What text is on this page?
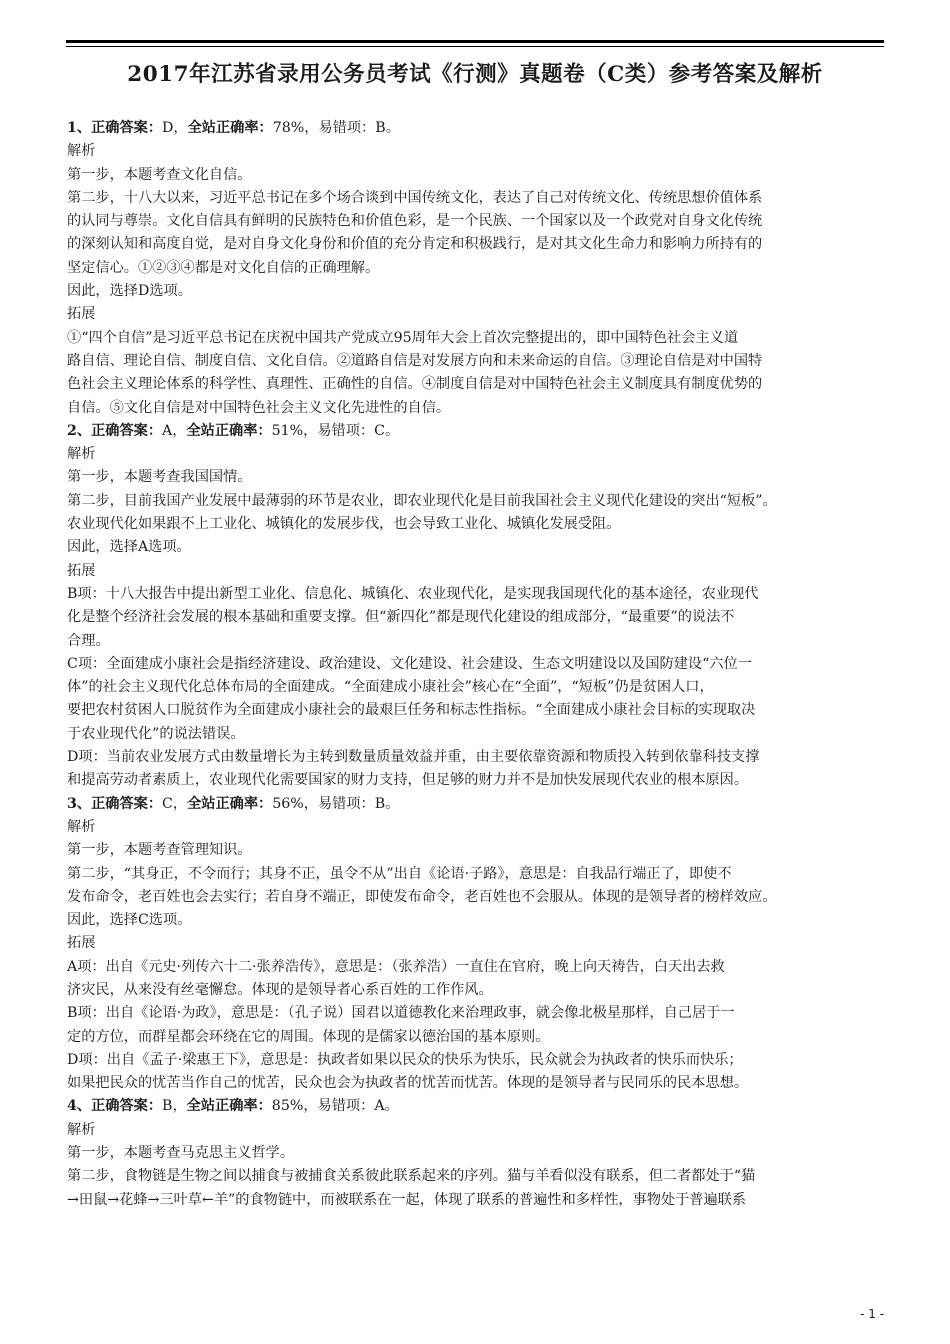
2017年江苏省录用公务员考试《行测》真题卷（C类）参考答案及解析
1、正确答案：D，全站正确率：78%，易错项：B。
解析
第一步，本题考查文化自信。
第二步，十八大以来，习近平总书记在多个场合谈到中国传统文化，表达了自己对传统文化、传统思想价值体系
的认同与尊崇。文化自信具有鲜明的民族特色和价值色彩，是一个民族、一个国家以及一个政党对自身文化传统
的深刻认知和高度自觉，是对自身文化身份和价值的充分肯定和积极践行，是对其文化生命力和影响力所持有的
坚定信心。①②③④都是对文化自信的正确理解。
因此，选择D选项。
拓展
①“四个自信”是习近平总书记在庆祝中国共产党成立95周年大会上首次完整提出的，即中国特色社会主义道
路自信、理论自信、制度自信、文化自信。②道路自信是对发展方向和未来命运的自信。③理论自信是对中国特
色社会主义理论体系的科学性、真理性、正确性的自信。④制度自信是对中国特色社会主义制度具有制度优势的
自信。⑤文化自信是对中国特色社会主义文化先进性的自信。
2、正确答案：A，全站正确率：51%，易错项：C。
解析
第一步，本题考查我国国情。
第二步，目前我国产业发展中最薄弱的环节是农业，即农业现代化是目前我国社会主义现代化建设的突出“短板”。
农业现代化如果跟不上工业化、城镇化的发展步伐，也会导致工业化、城镇化发展受阻。
因此，选择A选项。
拓展
B项：十八大报告中提出新型工业化、信息化、城镇化、农业现代化，是实现我国现代化的基本途径，农业现代
化是整个经济社会发展的根本基础和重要支撑。但“新四化”都是现代化建设的组成部分，“最重要”的说法不
合理。
C项：全面建成小康社会是指经济建设、政治建设、文化建设、社会建设、生态文明建设以及国防建设“六位一
体”的社会主义现代化总体布局的全面建成。“全面建成小康社会”核心在“全面”，“短板”仍是贫困人口，
要把农村贫困人口脱贫作为全面建成小康社会的最艰巨任务和标志性指标。“全面建成小康社会目标的实现取决
于农业现代化”的说法错误。
D项：当前农业发展方式由数量增长为主转到数量质量效益并重，由主要依靠资源和物质投入转到依靠科技支撑
和提高劳动者素质上，农业现代化需要国家的财力支持，但足够的财力并不是加快发展现代农业的根本原因。
3、正确答案：C，全站正确率：56%，易错项：B。
解析
第一步，本题考查管理知识。
第二步，“其身正，不令而行；其身不正，虽令不从”出自《论语·子路》，意思是：自我品行端正了，即使不
发布命令，老百姓也会去实行；若自身不端正，即使发布命令，老百姓也不会服从。体现的是领导者的榜样效应。
因此，选择C选项。
拓展
A项：出自《元史·列传六十二·张养浩传》，意思是：（张养浩）一直住在官府，晚上向天祷告，白天出去救
济灾民，从来没有丝毫懈怠。体现的是领导者心系百姓的工作作风。
B项：出自《论语·为政》，意思是：（孔子说）国君以道德教化来治理政事，就会像北极星那样，自己居于一
定的方位，而群星都会环绕在它的周围。体现的是儒家以德治国的基本原则。
D项：出自《孟子·梁惠王下》，意思是：执政者如果以民众的快乐为快乐，民众就会为执政者的快乐而快乐；
如果把民众的忧苦当作自己的忧苦，民众也会为执政者的忧苦而忧苦。体现的是领导者与民同乐的民本思想。
4、正确答案：B，全站正确率：85%，易错项：A。
解析
第一步，本题考查马克思主义哲学。
第二步，食物链是生物之间以捕食与被捕食关系彼此联系起来的序列。猫与羊看似没有联系，但二者都处于“猫
→田鼠→花蜂→三叶草←羊”的食物链中，而被联系在一起，体现了联系的普遍性和多样性，事物处于普遍联系
- 1 -
